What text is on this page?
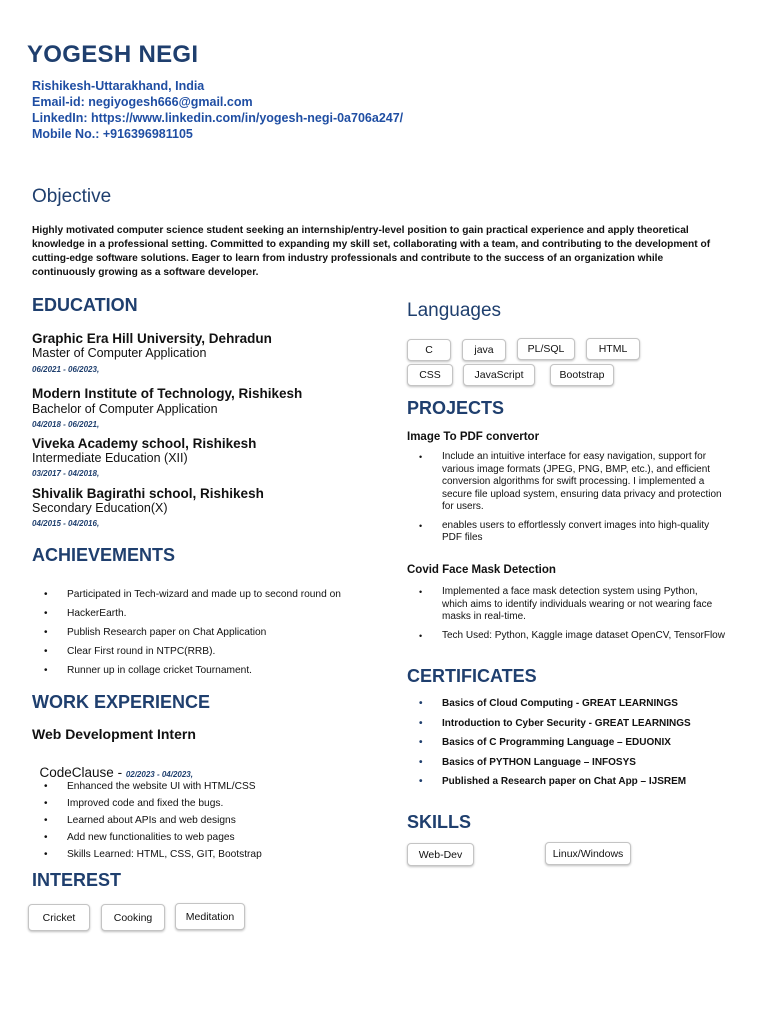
YOGESH NEGI
Rishikesh-Uttarakhand, India
Email-id: negiyogesh666@gmail.com
LinkedIn: https://www.linkedin.com/in/yogesh-negi-0a706a247/
Mobile No.: +916396981105
Objective
Highly motivated computer science student seeking an internship/entry-level position to gain practical experience and apply theoretical knowledge in a professional setting. Committed to expanding my skill set, collaborating with a team, and contributing to the development of cutting-edge software solutions. Eager to learn from industry professionals and contribute to the success of an organization while continuously growing as a software developer.
EDUCATION
Graphic Era Hill University, Dehradun
Master of Computer Application
06/2021 - 06/2023,
Modern Institute of Technology, Rishikesh
Bachelor of Computer Application
04/2018 - 06/2021,
Viveka Academy school, Rishikesh
Intermediate Education (XII)
03/2017 - 04/2018,
Shivalik Bagirathi school, Rishikesh
Secondary Education(X)
04/2015 - 04/2016,
ACHIEVEMENTS
• Participated in Tech-wizard and made up to second round on
• HackerEarth.
• Publish Research paper on Chat Application
• Clear First round in NTPC(RRB).
• Runner up in collage cricket Tournament.
WORK EXPERIENCE
Web Development Intern

CodeClause - 02/2023 - 04/2023,

• Enhanced the website UI with HTML/CSS
• Improved code and fixed the bugs.
• Learned about APIs and web designs
• Add new functionalities to web pages
• Skills Learned: HTML, CSS, GIT, Bootstrap
INTEREST
Cricket	Cooking	Meditation
Languages
C	java	PL/SQL	HTML
CSS	JavaScript	Bootstrap
PROJECTS
Image To PDF convertor
• Include an intuitive interface for easy navigation, support for various image formats (JPEG, PNG, BMP, etc.), and efficient conversion algorithms for swift processing. I implemented a secure file upload system, ensuring data privacy and protection for users.
• enables users to effortlessly convert images into high-quality PDF files
Covid Face Mask Detection
• Implemented a face mask detection system using Python, which aims to identify individuals wearing or not wearing face masks in real-time.
• Tech Used: Python, Kaggle image dataset OpenCV, TensorFlow
CERTIFICATES
• Basics of Cloud Computing - GREAT LEARNINGS
• Introduction to Cyber Security - GREAT LEARNINGS
• Basics of C Programming Language – EDUONIX
• Basics of PYTHON Language – INFOSYS
• Published a Research paper on Chat App – IJSREM
SKILLS
Web-Dev	Linux/Windows
